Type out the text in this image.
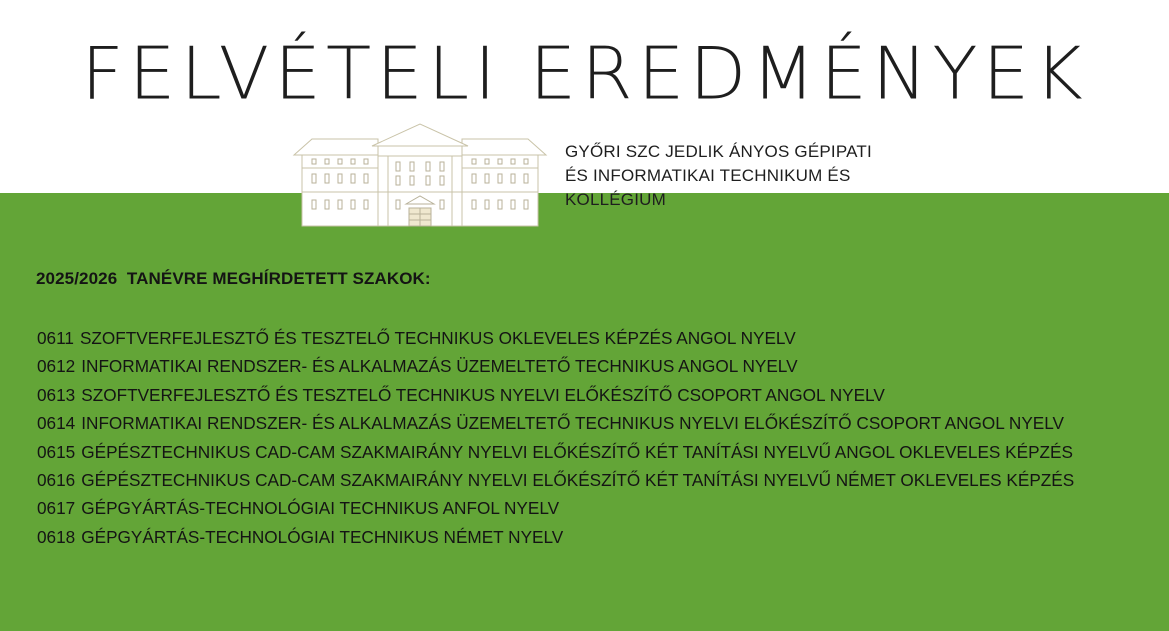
FELVÉTELI EREDMÉNYEK
GYŐRI SZC JEDLIK ÁNYOS GÉPIPATI
ÉS INFORMATIKAI TECHNIKUM ÉS
KOLLÉGIUM
2025/2026  TANÉVRE MEGHÍRDETETT SZAKOK:
0611 SZOFTVERFEJLESZTŐ ÉS TESZTELŐ TECHNIKUS OKLEVELES KÉPZÉS ANGOL NYELV
0612 INFORMATIKAI RENDSZER- ÉS ALKALMAZÁS ÜZEMELTETŐ TECHNIKUS ANGOL NYELV
0613 SZOFTVERFEJLESZTŐ ÉS TESZTELŐ TECHNIKUS NYELVI ELŐKÉSZÍTŐ CSOPORT ANGOL NYELV
0614 INFORMATIKAI RENDSZER- ÉS ALKALMAZÁS ÜZEMELTETŐ TECHNIKUS NYELVI ELŐKÉSZÍTŐ CSOPORT ANGOL NYELV
0615 GÉPÉSZTECHNIKUS CAD-CAM SZAKMAIRÁNY NYELVI ELŐKÉSZÍTŐ KÉT TANÍTÁSI NYELVŰ ANGOL OKLEVELES KÉPZÉS
0616 GÉPÉSZTECHNIKUS CAD-CAM SZAKMAIRÁNY NYELVI ELŐKÉSZÍTŐ KÉT TANÍTÁSI NYELVŰ NÉMET OKLEVELES KÉPZÉS
0617 GÉPGYÁRTÁS-TECHNOLÓGIAI TECHNIKUS ANFOL NYELV
0618 GÉPGYÁRTÁS-TECHNOLÓGIAI TECHNIKUS NÉMET NYELV
